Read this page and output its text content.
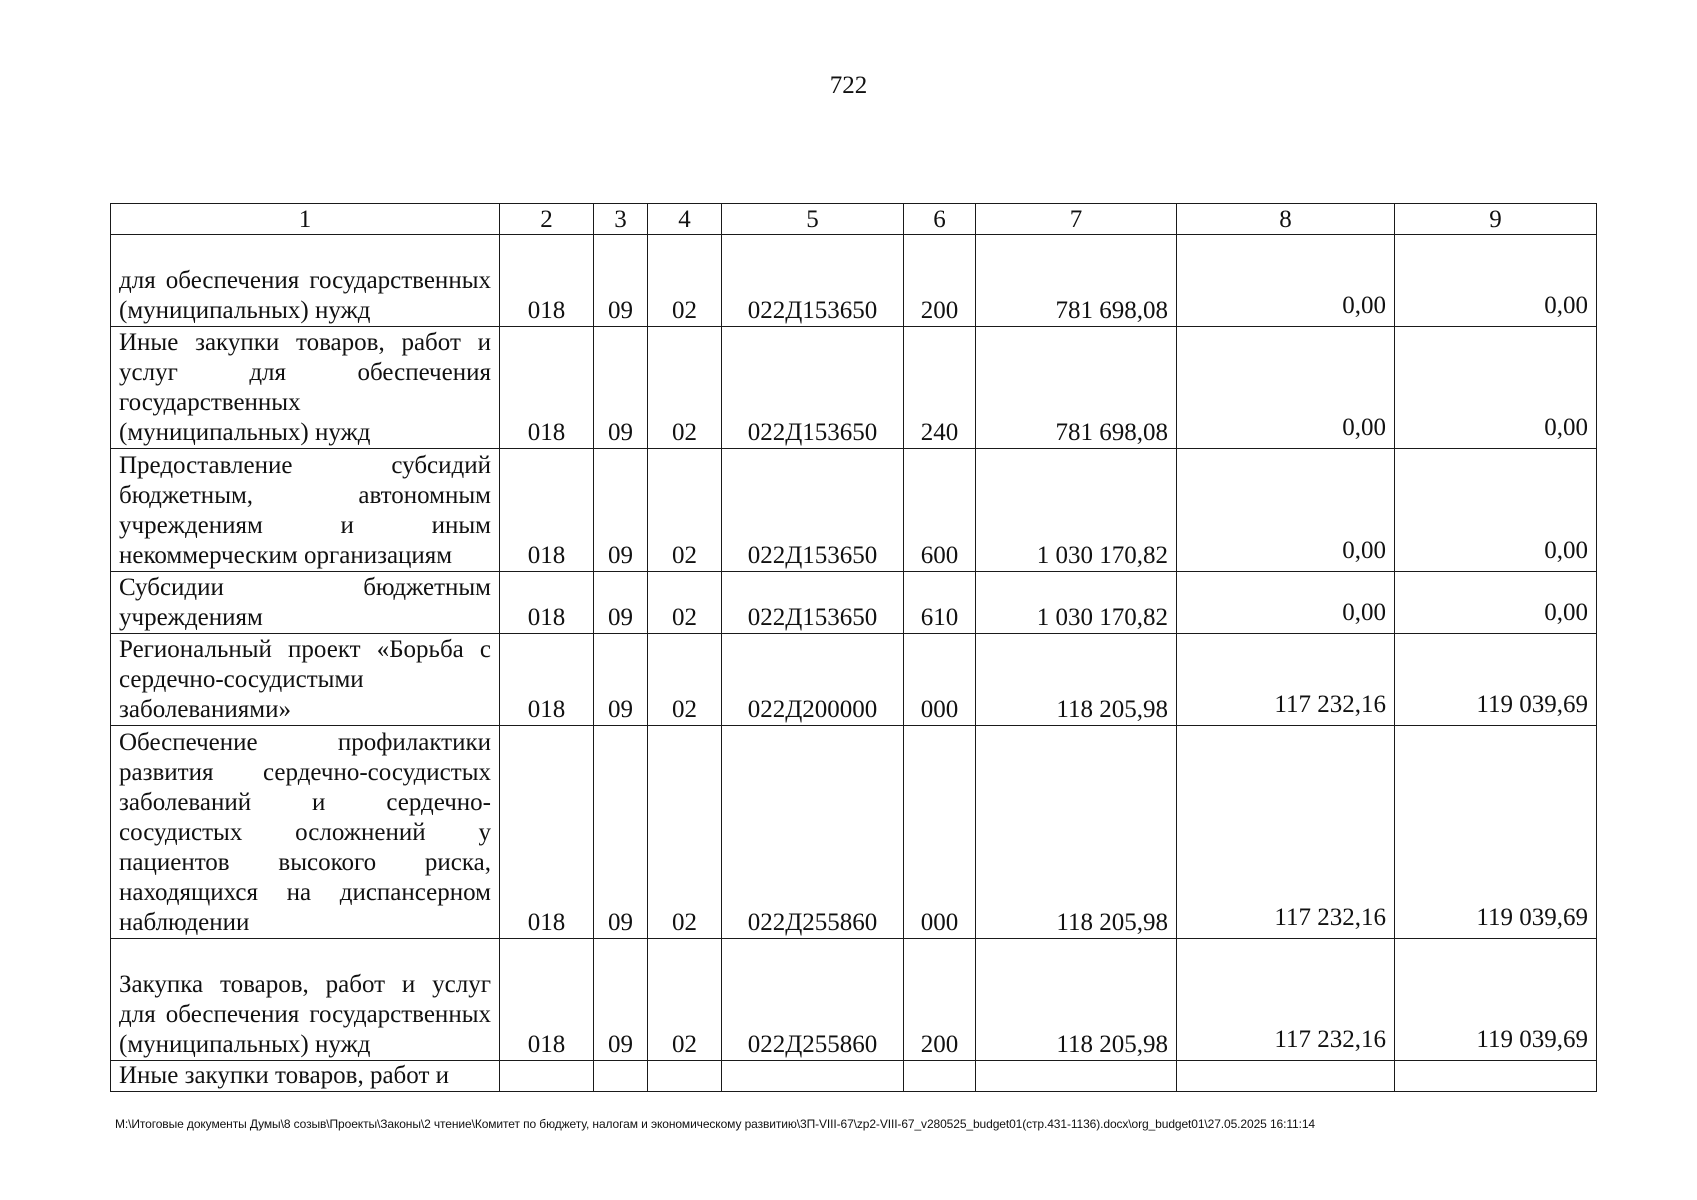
722
1	2	3	4	5	6	7	8	9
для обеспечения государственных (муниципальных) нужд	018	09	02	022Д153650	200	781 698,08	0,00	0,00
Иные закупки товаров, работ и услуг для обеспечения государственных (муниципальных) нужд	018	09	02	022Д153650	240	781 698,08	0,00	0,00
Предоставление субсидий бюджетным, автономным учреждениям и иным некоммерческим организациям	018	09	02	022Д153650	600	1 030 170,82	0,00	0,00
Субсидии бюджетным учреждениям	018	09	02	022Д153650	610	1 030 170,82	0,00	0,00
Региональный проект «Борьба с сердечно-сосудистыми заболеваниями»	018	09	02	022Д200000	000	118 205,98	117 232,16	119 039,69
Обеспечение профилактики развития сердечно-сосудистых заболеваний и сердечно-сосудистых осложнений у пациентов высокого риска, находящихся на диспансерном наблюдении	018	09	02	022Д255860	000	118 205,98	117 232,16	119 039,69
Закупка товаров, работ и услуг для обеспечения государственных (муниципальных) нужд	018	09	02	022Д255860	200	118 205,98	117 232,16	119 039,69
Иные закупки товаров, работ и								
M:\Итоговые документы Думы\8 созыв\Проекты\Законы\2 чтение\Комитет по бюджету, налогам и экономическому развитию\3П-VIII-67\zp2-VIII-67_v280525_budget01(стр.431-1136).docx\org_budget01\27.05.2025 16:11:14
